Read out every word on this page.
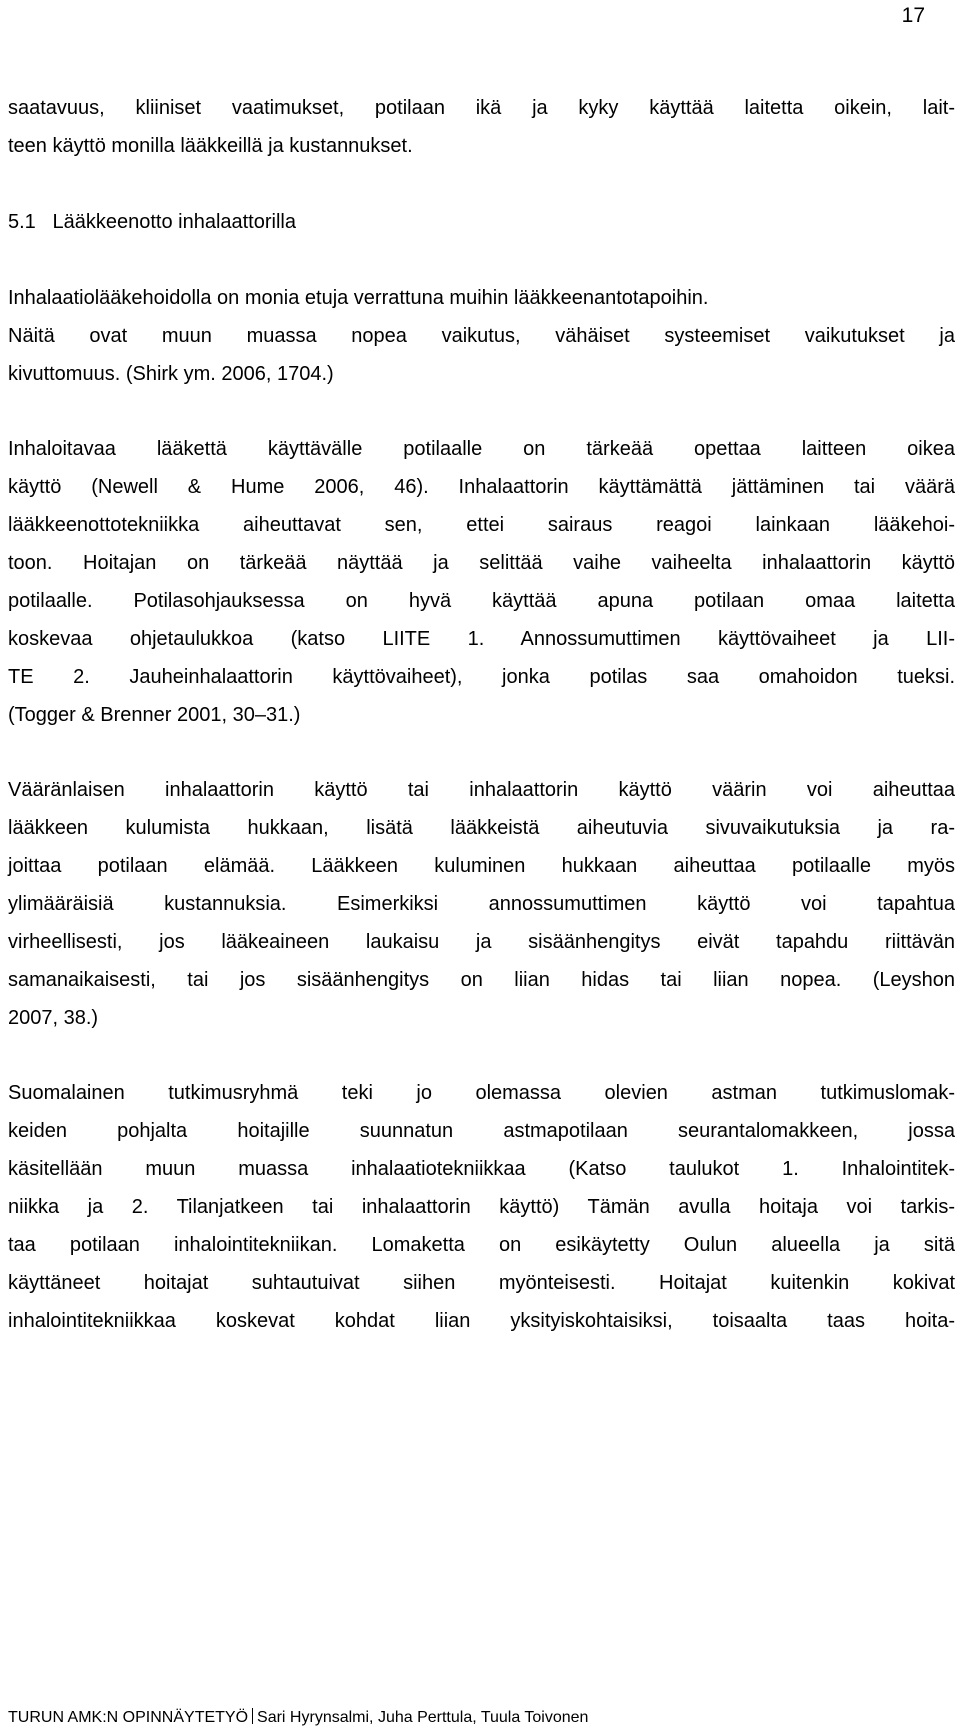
17
saatavuus, kliiniset vaatimukset, potilaan ikä ja kyky käyttää laitetta oikein, lait-
teen käyttö monilla lääkkeillä ja kustannukset.
5.1   Lääkkeenotto inhalaattorilla
Inhalaatiolääkehoidolla on monia etuja verrattuna muihin lääkkeenantotapoihin.
Näitä ovat muun muassa nopea vaikutus, vähäiset systeemiset vaikutukset ja
kivuttomuus. (Shirk ym. 2006, 1704.)
Inhaloitavaa lääkettä käyttävälle potilaalle on tärkeää opettaa laitteen oikea
käyttö (Newell & Hume 2006, 46). Inhalaattorin käyttämättä jättäminen tai väärä
lääkkeenottotekniikka aiheuttavat sen, ettei sairaus reagoi lainkaan lääkehoi-
toon. Hoitajan on tärkeää näyttää ja selittää vaihe vaiheelta inhalaattorin käyttö
potilaalle. Potilasohjauksessa on hyvä käyttää apuna potilaan omaa laitetta
koskevaa ohjetaulukkoa (katso LIITE 1. Annossumuttimen käyttövaiheet ja LII-
TE 2. Jauheinhalaattorin käyttövaiheet), jonka potilas saa omahoidon tueksi.
(Togger & Brenner 2001, 30–31.)
Vääränlaisen inhalaattorin käyttö tai inhalaattorin käyttö väärin voi aiheuttaa
lääkkeen kulumista hukkaan, lisätä lääkkeistä aiheutuvia sivuvaikutuksia ja ra-
joittaa potilaan elämää. Lääkkeen kuluminen hukkaan aiheuttaa potilaalle myös
ylimääräisiä kustannuksia. Esimerkiksi annossumuttimen käyttö voi tapahtua
virheellisesti, jos lääkeaineen laukaisu ja sisäänhengitys eivät tapahdu riittävän
samanaikaisesti, tai jos sisäänhengitys on liian hidas tai liian nopea. (Leyshon
2007, 38.)
Suomalainen tutkimusryhmä teki jo olemassa olevien astman tutkimuslomak-
keiden pohjalta hoitajille suunnatun astmapotilaan seurantalomakkeen, jossa
käsitellään muun muassa inhalaatiotekniikkaa (Katso taulukot 1. Inhalointitek-
niikka ja 2. Tilanjatkeen tai inhalaattorin käyttö) Tämän avulla hoitaja voi tarkis-
taa potilaan inhalointitekniikan. Lomaketta on esikäytetty Oulun alueella ja sitä
käyttäneet hoitajat suhtautuivat siihen myönteisesti. Hoitajat kuitenkin kokivat
inhalointitekniikkaa koskevat kohdat liian yksityiskohtaisiksi, toisaalta taas hoita-
TURUN AMK:N OPINNÄYTETYÖ Sari Hyrynsalmi, Juha Perttula, Tuula Toivonen
